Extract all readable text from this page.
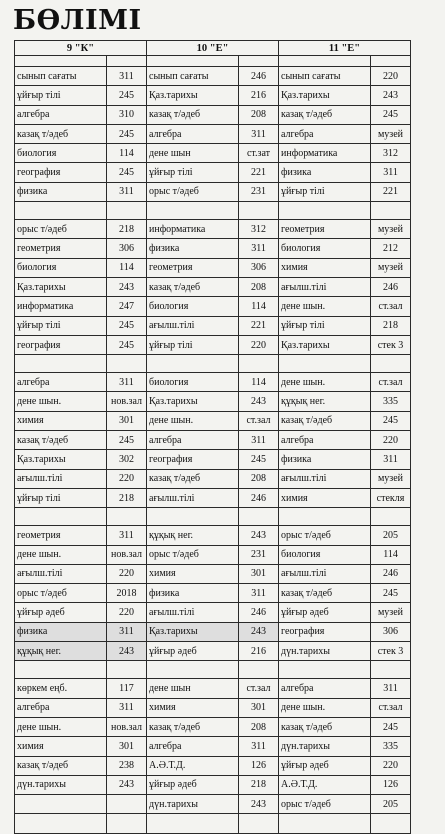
БӨЛІМІ
9 "К"		10 "Е"		11 "Е"	

сынып сағаты	311	сынып сағаты	246	сынып сағаты	220
ұйғыр тілі	245	Қаз.тарихы	216	Қаз.тарихы	243
алгебра	310	казақ т/әдеб	208	казақ т/әдеб	245
казақ т/әдеб	245	алгебра	311	алгебра	музей
биология	114	дене шын	ст.зат	информатика	312
география	245	ұйғыр тілі	221	физика	311
физика	311	орыс т/әдеб	231	ұйғыр тілі	221

орыс т/әдеб	218	информатика	312	геометрия	музей
геометрия	306	физика	311	биология	212
биология	114	геометрия	306	химия	музей
Қаз.тарихы	243	казақ т/әдеб	208	ағылш.тілі	246
информатика	247	биология	114	дене шын.	ст.зал
ұйғыр тілі	245	ағылш.тілі	221	ұйғыр тілі	218
география	245	ұйғыр тілі	220	Қаз.тарихы	стек 3

алгебра	311	биология	114	дене шын.	ст.зал
дене шын.	нов.зал	Қаз.тарихы	243	құқық нег.	335
химия	301	дене шын.	ст.зал	казақ т/әдеб	245
казақ т/әдеб	245	алгебра	311	алгебра	220
Қаз.тарихы	302	география	245	физика	311
ағылш.тілі	220	казақ т/әдеб	208	ағылш.тілі	музей
ұйғыр тілі	218	ағылш.тілі	246	химия	стекля

геометрия	311	құқық нег.	243	орыс т/әдеб	205
дене шын.	нов.зал	орыс т/әдеб	231	биология	114
ағылш.тілі	220	химия	301	ағылш.тілі	246
орыс т/әдеб	2018	физика	311	казақ т/әдеб	245
ұйғыр әдеб	220	ағылш.тілі	246	ұйғыр әдеб	музей
физика	311	Қаз.тарихы	243	география	306
құқық нег.	243	ұйғыр әдеб	216	дүн.тарихы	стек 3

көркем еңб.	117	дене шын	ст.зал	алгебра	311
алгебра	311	химия	301	дене шын.	ст.зал
дене шын.	нов.зал	казақ т/әдеб	208	казақ т/әдеб	245
химия	301	алгебра	311	дүн.тарихы	335
казақ т/әдеб	238	А.Ә.Т.Д.	126	ұйғыр әдеб	220
дүн.тарихы	243	ұйғыр әдеб	218	А.Ә.Т.Д.	126
		дүн.тарихы	243	орыс т/әдеб	205
